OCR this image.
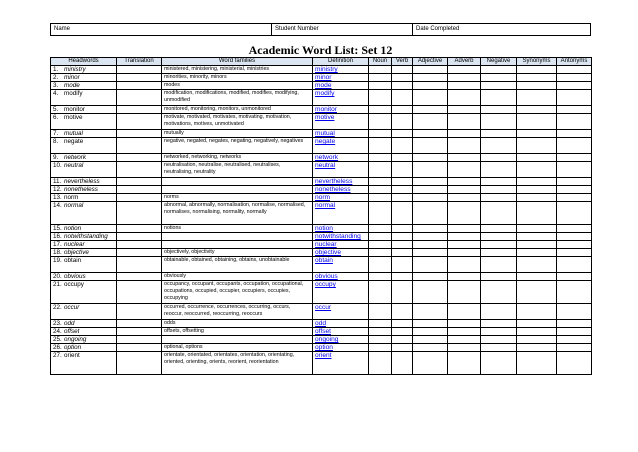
Name	Student Number	Date Completed
Academic Word List: Set 12
Headwords	Translation	Word families	Definition	Noun	Verb	Adjective	Adverb	Negative	Synonyms	Antonyms
1. ministry		ministered, ministering, ministerial, ministries	ministry							
2. minor		minorities, minority, minors	minor							
3. mode		modes	mode							
4. modify		modification, modifications, modified, modifies, modifying, unmodified	modify							
5. monitor		monitored, monitoring, monitors, unmonitored	monitor							
6. motive		motivate, motivated, motivates, motivating, motivation, motivations, motives, unmotivated	motive							
7. mutual		mutually	mutual							
8. negate		negative, negated, negates, negating, negatively, negatives	negate							
9. network		networked, networking, networks	network							
10. neutral		neutralisation, neutralise, neutralised, neutralises, neutralising, neutrality	neutral							
11. nevertheless			nevertheless							
12. nonetheless			nonetheless							
13. norm		norms	norm							
14. normal		abnormal, abnormally, normalisation, normalise, normalised, normalises, normalising, normality, normally	normal							
15. notion		notions	notion							
16. notwithstanding			notwithstanding							
17. nuclear			nuclear							
18. objective		objectively, objectivity	objective							
19. obtain		obtainable, obtained, obtaining, obtains, unobtainable	obtain							
20. obvious		obviously	obvious							
21. occupy		occupancy, occupant, occupants, occupation, occupational, occupations, occupied, occupier, occupiers, occupies, occupying	occupy							
22. occur		occurred, occurrence, occurrences, occurring, occurs, reoccur, reoccurred, reoccurring, reoccurs	occur							
23. odd		odds	odd							
24. offset		offsets, offsetting	offset							
25. ongoing			ongoing							
26. option		optional, options	option							
27. orient		orientate, orientated, orientates, orientation, orientating, oriented, orienting, orients, reorient, reorientation	orient							
